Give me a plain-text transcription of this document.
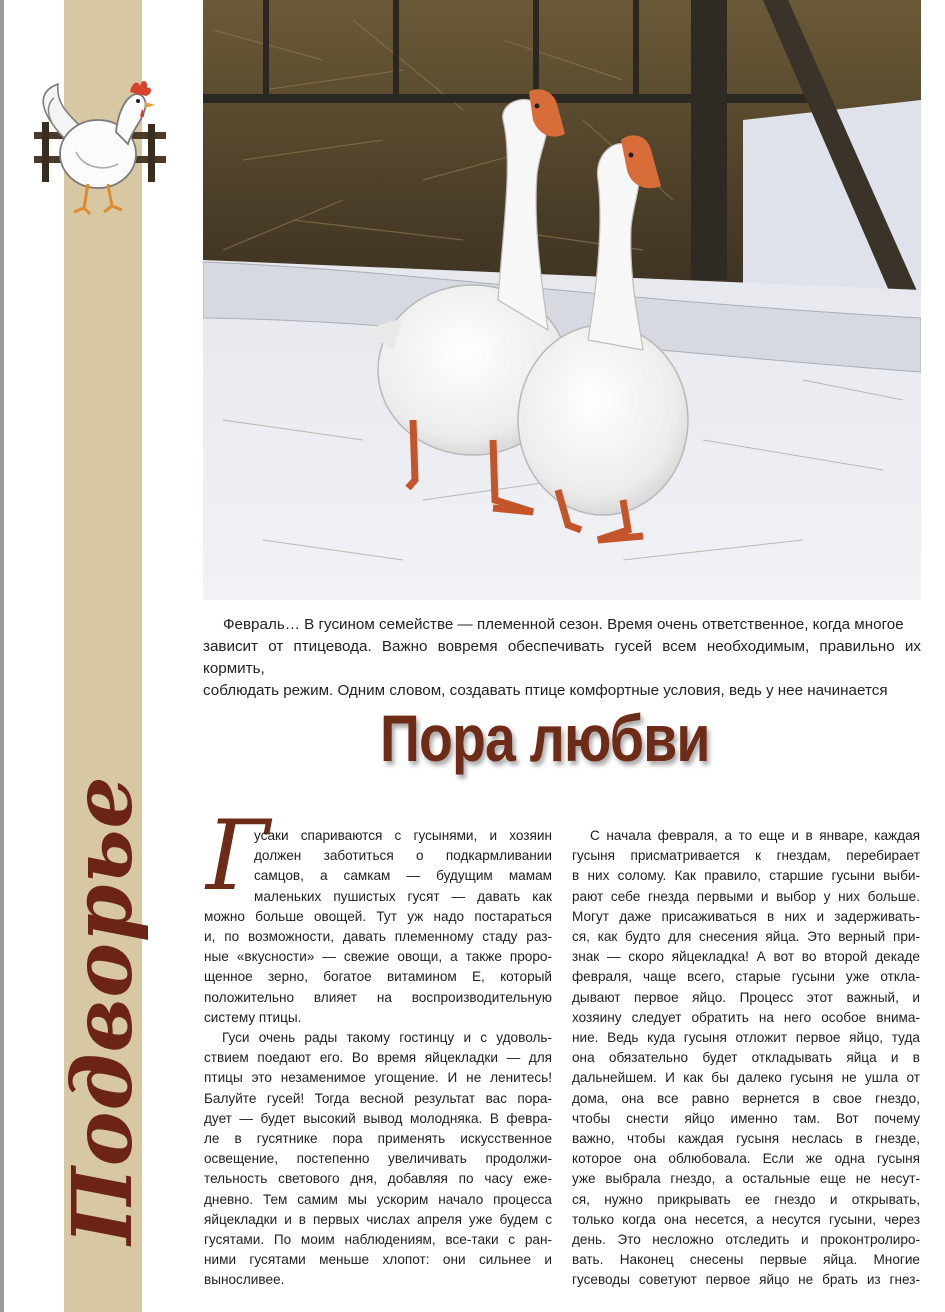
Подворье
Февраль… В гусином семействе — племенной сезон. Время очень ответственное, когда многое
зависит от птицевода. Важно вовремя обеспечивать гусей всем необходимым, правильно их кормить,
соблюдать режим. Одним словом, создавать птице комфортные условия, ведь у нее начинается
Пора любви
Г
усаки спариваются с гусынями, и хозяин
должен заботиться о подкармливании
самцов, а самкам — будущим мамам
маленьких пушистых гусят — давать как
можно больше овощей. Тут уж надо постараться
и, по возможности, давать племенному стаду раз-
ные «вкусности» — свежие овощи, а также проро-
щенное зерно, богатое витамином Е, который
положительно влияет на воспроизводительную
систему птицы.
Гуси очень рады такому гостинцу и с удоволь-
ствием поедают его. Во время яйцекладки — для
птицы это незаменимое угощение. И не ленитесь!
Балуйте гусей! Тогда весной результат вас пора-
дует — будет высокий вывод молодняка. В февра-
ле в гусятнике пора применять искусственное
освещение, постепенно увеличивать продолжи-
тельность светового дня, добавляя по часу еже-
дневно. Тем самим мы ускорим начало процесса
яйцекладки и в первых числах апреля уже будем с
гусятами. По моим наблюдениям, все-таки с ран-
ними гусятами меньше хлопот: они сильнее и
выносливее.
С начала февраля, а то еще и в январе, каждая
гусыня присматривается к гнездам, перебирает
в них солому. Как правило, старшие гусыни выби-
рают себе гнезда первыми и выбор у них больше.
Могут даже присаживаться в них и задерживать-
ся, как будто для снесения яйца. Это верный при-
знак — скоро яйцекладка! А вот во второй декаде
февраля, чаще всего, старые гусыни уже откла-
дывают первое яйцо. Процесс этот важный, и
хозяину следует обратить на него особое внима-
ние. Ведь куда гусыня отложит первое яйцо, туда
она обязательно будет откладывать яйца и в
дальнейшем. И как бы далеко гусыня не ушла от
дома, она все равно вернется в свое гнездо,
чтобы снести яйцо именно там. Вот почему
важно, чтобы каждая гусыня неслась в гнезде,
которое она облюбовала. Если же одна гусыня
уже выбрала гнездо, а остальные еще не несут-
ся, нужно прикрывать ее гнездо и открывать,
только когда она несется, а несутся гусыни, через
день. Это несложно отследить и проконтролиро-
вать. Наконец снесены первые яйца. Многие
гусеводы советуют первое яйцо не брать из гнез-
